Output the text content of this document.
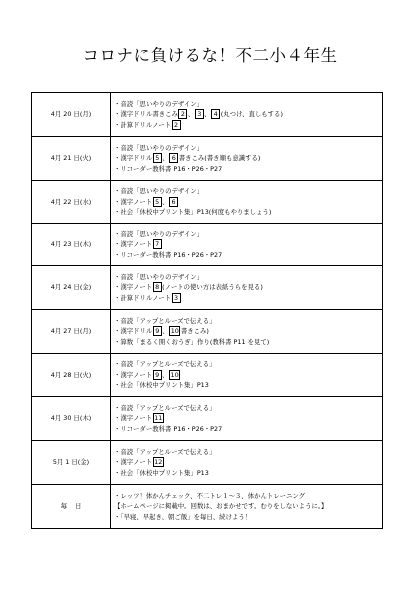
コロナに負けるな！不二小４年生
4月 20 日(月)	・音読「思いやりのデザイン」
・漢字ドリル書きこみ 2 、 3 、 4 (丸つけ、直しもする)
・計算ドリルノート 2

4月 21 日(火)	・音読「思いやりのデザイン」
・漢字ドリル 5 、 6 書きこみ(書き順も意識する)
・リコーダー教科書 P16・P26・P27

4月 22 日(水)	・音読「思いやりのデザイン」
・漢字ノート 5 、 6
・社会「休校中プリント集」P13(何度もやりましょう)

4月 23 日(木)	・音読「思いやりのデザイン」
・漢字ノート 7
・リコーダー教科書 P16・P26・P27

4月 24 日(金)	・音読「思いやりのデザイン」
・漢字ノート 8 (ノートの使い方は表紙うらを見る)
・計算ドリルノート 3

4月 27 日(月)	・音読「アップとルーズで伝える」
・漢字ドリル 9 、 10 書きこみ)
・算数「まるく開くおうぎ」作り(教科書 P11 を見て)

4月 28 日(火)	・音読「アップとルーズで伝える」
・漢字ノート 9 、 10
・社会「休校中プリント集」P13

4月 30 日(木)	・音読「アップとルーズで伝える」
・漢字ノート 11
・リコーダー教科書 P16・P26・P27

5月 1 日(金)	・音読「アップとルーズで伝える」
・漢字ノート 12
・社会「休校中プリント集」P13

毎 日	・レッツ！体かんチェック、不二トレ１～３、体かんトレーニング
【ホームページに掲載中。回数は、おまかせです。むりをしないように。】
・「早寝、早起き、朝ご飯」を毎日、続けよう！
